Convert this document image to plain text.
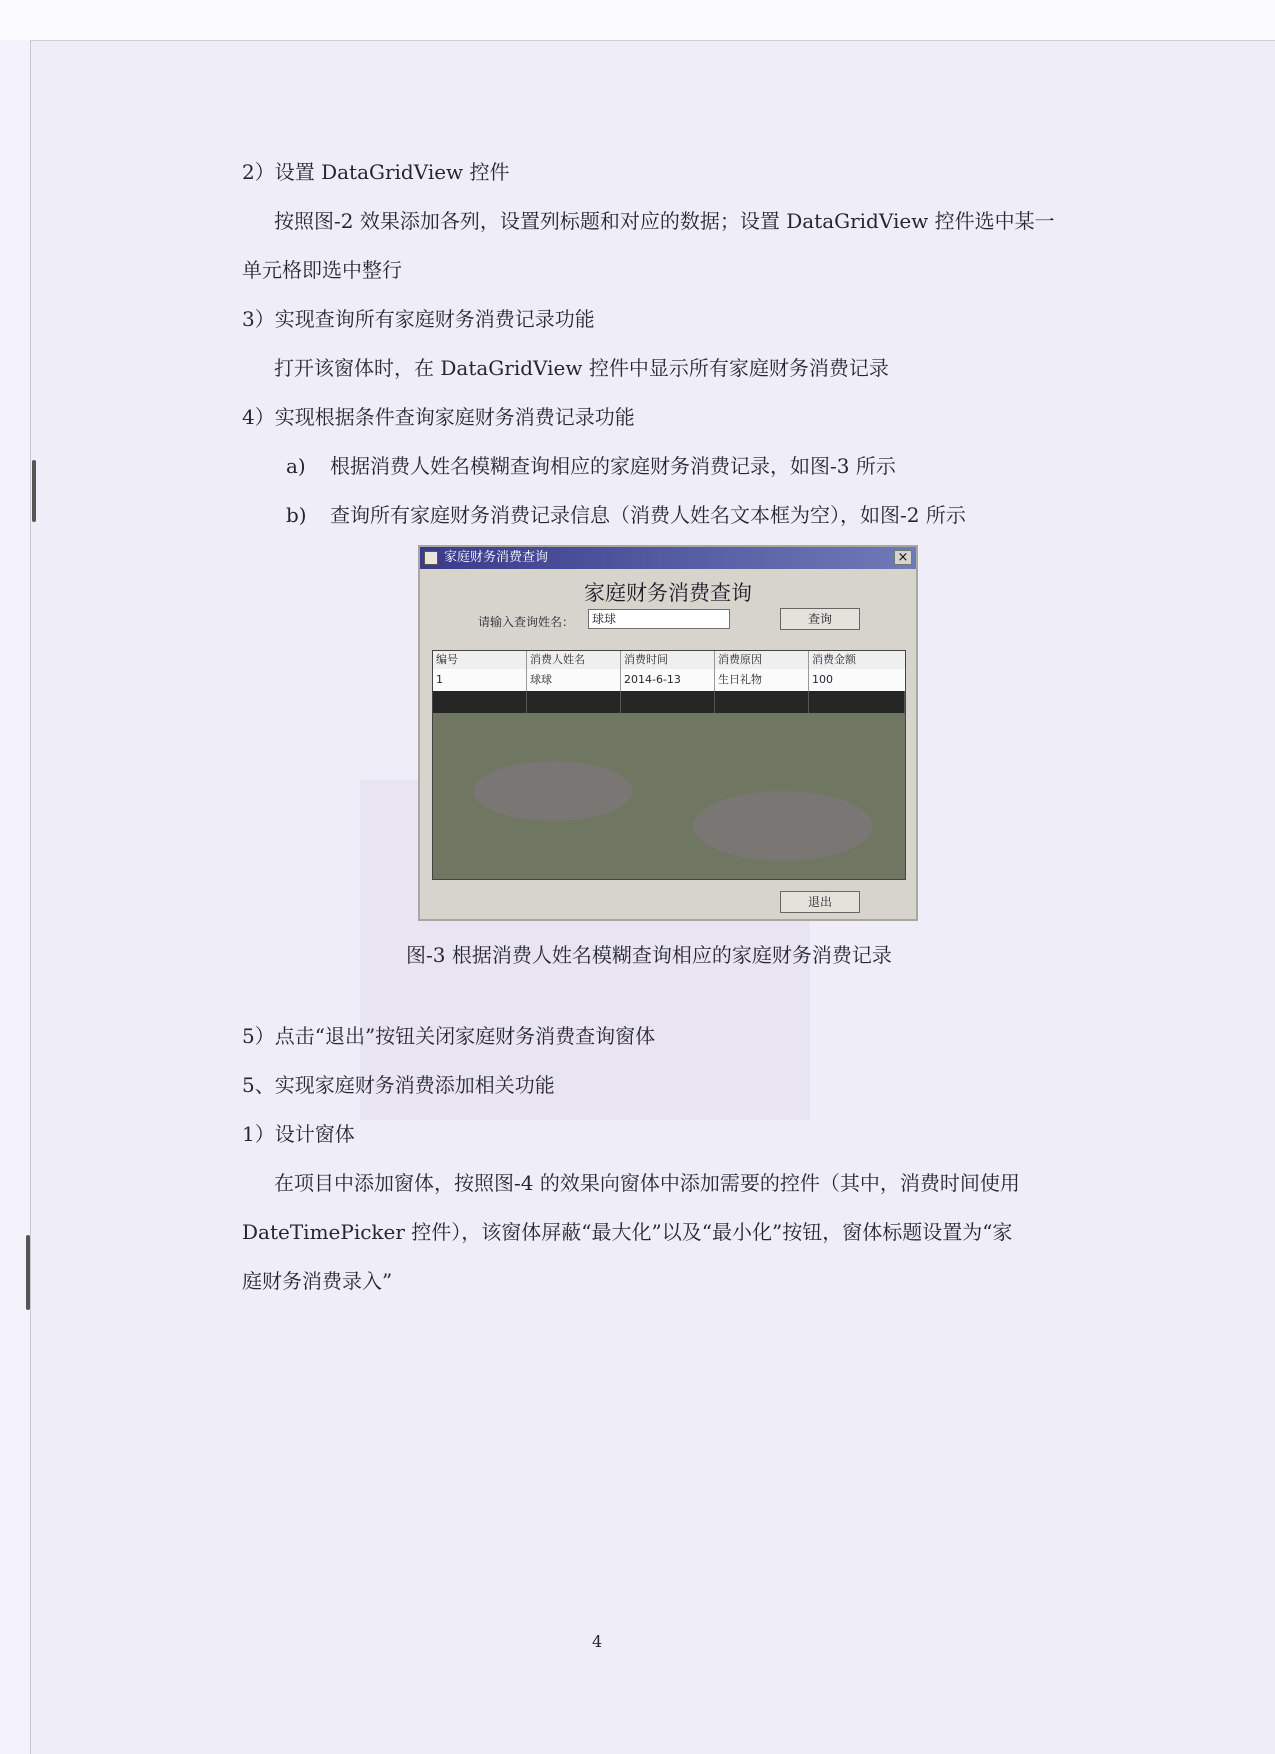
2）设置 DataGridView 控件
按照图-2 效果添加各列，设置列标题和对应的数据；设置 DataGridView 控件选中某一
单元格即选中整行
3）实现查询所有家庭财务消费记录功能
打开该窗体时，在 DataGridView 控件中显示所有家庭财务消费记录
4）实现根据条件查询家庭财务消费记录功能
a) 根据消费人姓名模糊查询相应的家庭财务消费记录，如图-3 所示
b) 查询所有家庭财务消费记录信息（消费人姓名文本框为空），如图-2 所示
家庭财务消费查询	×
家庭财务消费查询
请输入查询姓名：	球球	查询
编号	消费人姓名	消费时间	消费原因	消费金额
1	球球	2014-6-13	生日礼物	100
退出
图-3 根据消费人姓名模糊查询相应的家庭财务消费记录
5）点击“退出”按钮关闭家庭财务消费查询窗体
5、实现家庭财务消费添加相关功能
1）设计窗体
在项目中添加窗体，按照图-4 的效果向窗体中添加需要的控件（其中，消费时间使用
DateTimePicker 控件），该窗体屏蔽“最大化”以及“最小化”按钮，窗体标题设置为“家
庭财务消费录入”
4
